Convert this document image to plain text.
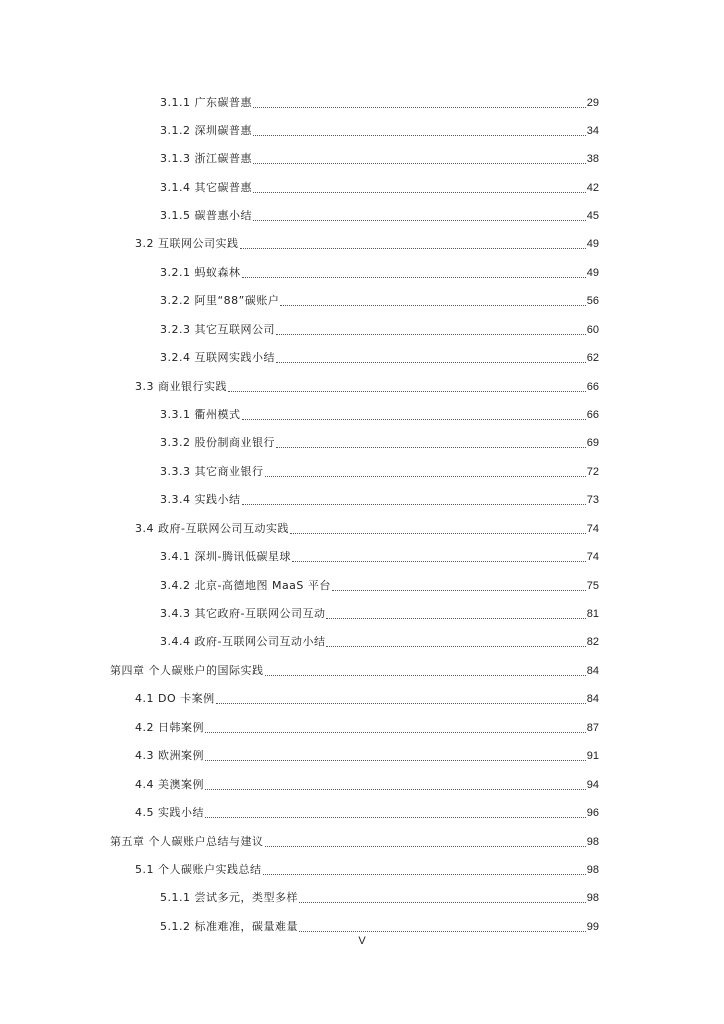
3.1.1 广东碳普惠	29
3.1.2 深圳碳普惠	34
3.1.3 浙江碳普惠	38
3.1.4 其它碳普惠	42
3.1.5 碳普惠小结	45
3.2 互联网公司实践	49
3.2.1 蚂蚁森林	49
3.2.2 阿里“88”碳账户	56
3.2.3 其它互联网公司	60
3.2.4 互联网实践小结	62
3.3 商业银行实践	66
3.3.1 衢州模式	66
3.3.2 股份制商业银行	69
3.3.3 其它商业银行	72
3.3.4 实践小结	73
3.4 政府-互联网公司互动实践	74
3.4.1 深圳-腾讯低碳星球	74
3.4.2 北京-高德地图 MaaS 平台	75
3.4.3 其它政府-互联网公司互动	81
3.4.4 政府-互联网公司互动小结	82
第四章 个人碳账户的国际实践	84
4.1 DO 卡案例	84
4.2 日韩案例	87
4.3 欧洲案例	91
4.4 美澳案例	94
4.5 实践小结	96
第五章 个人碳账户总结与建议	98
5.1 个人碳账户实践总结	98
5.1.1 尝试多元，类型多样	98
5.1.2 标准难准，碳量难量	99
V
